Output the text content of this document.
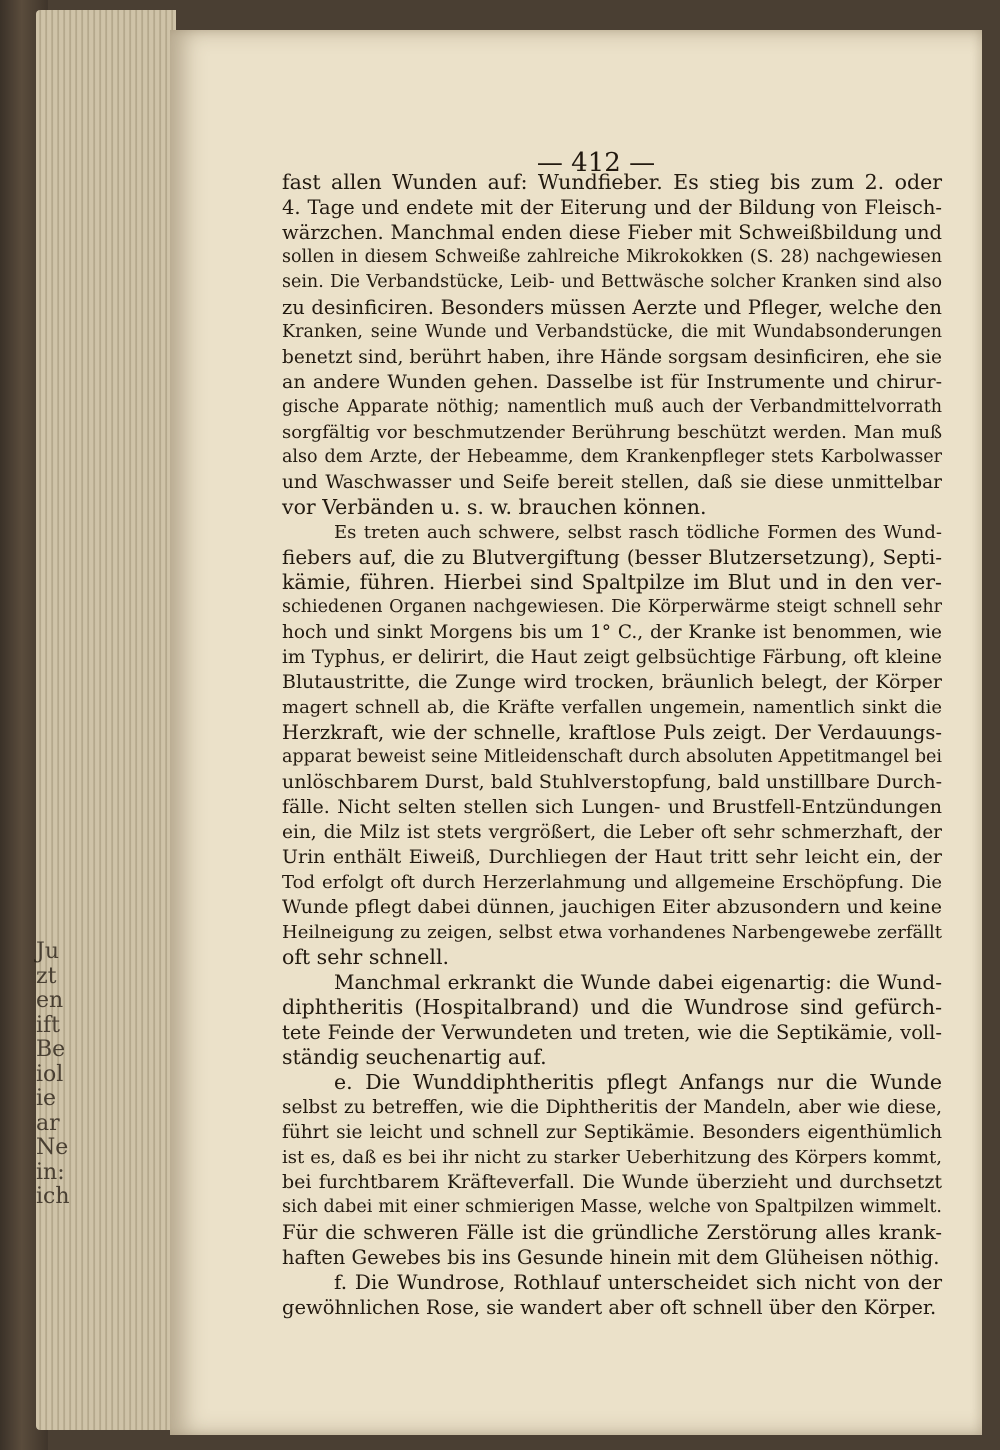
Ju
zt
en
ift
Be
iol
ie
ar
Ne
in:
ich
— 412 —
fast allen Wunden auf: Wundfieber. Es stieg bis zum 2. oder
4. Tage und endete mit der Eiterung und der Bildung von Fleisch-
wärzchen. Manchmal enden diese Fieber mit Schweißbildung und
sollen in diesem Schweiße zahlreiche Mikrokokken (S. 28) nachgewiesen
sein. Die Verbandstücke, Leib- und Bettwäsche solcher Kranken sind also
zu desinficiren. Besonders müssen Aerzte und Pfleger, welche den
Kranken, seine Wunde und Verbandstücke, die mit Wundabsonderungen
benetzt sind, berührt haben, ihre Hände sorgsam desinficiren, ehe sie
an andere Wunden gehen. Dasselbe ist für Instrumente und chirur-
gische Apparate nöthig; namentlich muß auch der Verbandmittelvorrath
sorgfältig vor beschmutzender Berührung beschützt werden. Man muß
also dem Arzte, der Hebeamme, dem Krankenpfleger stets Karbolwasser
und Waschwasser und Seife bereit stellen, daß sie diese unmittelbar
vor Verbänden u. s. w. brauchen können.
Es treten auch schwere, selbst rasch tödliche Formen des Wund-
fiebers auf, die zu Blutvergiftung (besser Blutzersetzung), Septi-
kämie, führen. Hierbei sind Spaltpilze im Blut und in den ver-
schiedenen Organen nachgewiesen. Die Körperwärme steigt schnell sehr
hoch und sinkt Morgens bis um 1° C., der Kranke ist benommen, wie
im Typhus, er delirirt, die Haut zeigt gelbsüchtige Färbung, oft kleine
Blutaustritte, die Zunge wird trocken, bräunlich belegt, der Körper
magert schnell ab, die Kräfte verfallen ungemein, namentlich sinkt die
Herzkraft, wie der schnelle, kraftlose Puls zeigt. Der Verdauungs-
apparat beweist seine Mitleidenschaft durch absoluten Appetitmangel bei
unlöschbarem Durst, bald Stuhlverstopfung, bald unstillbare Durch-
fälle. Nicht selten stellen sich Lungen- und Brustfell-Entzündungen
ein, die Milz ist stets vergrößert, die Leber oft sehr schmerzhaft, der
Urin enthält Eiweiß, Durchliegen der Haut tritt sehr leicht ein, der
Tod erfolgt oft durch Herzerlahmung und allgemeine Erschöpfung. Die
Wunde pflegt dabei dünnen, jauchigen Eiter abzusondern und keine
Heilneigung zu zeigen, selbst etwa vorhandenes Narbengewebe zerfällt
oft sehr schnell.
Manchmal erkrankt die Wunde dabei eigenartig: die Wund-
diphtheritis (Hospitalbrand) und die Wundrose sind gefürch-
tete Feinde der Verwundeten und treten, wie die Septikämie, voll-
ständig seuchenartig auf.
e. Die Wunddiphtheritis pflegt Anfangs nur die Wunde
selbst zu betreffen, wie die Diphtheritis der Mandeln, aber wie diese,
führt sie leicht und schnell zur Septikämie. Besonders eigenthümlich
ist es, daß es bei ihr nicht zu starker Ueberhitzung des Körpers kommt,
bei furchtbarem Kräfteverfall. Die Wunde überzieht und durchsetzt
sich dabei mit einer schmierigen Masse, welche von Spaltpilzen wimmelt.
Für die schweren Fälle ist die gründliche Zerstörung alles krank-
haften Gewebes bis ins Gesunde hinein mit dem Glüheisen nöthig.
f. Die Wundrose, Rothlauf unterscheidet sich nicht von der
gewöhnlichen Rose, sie wandert aber oft schnell über den Körper.
